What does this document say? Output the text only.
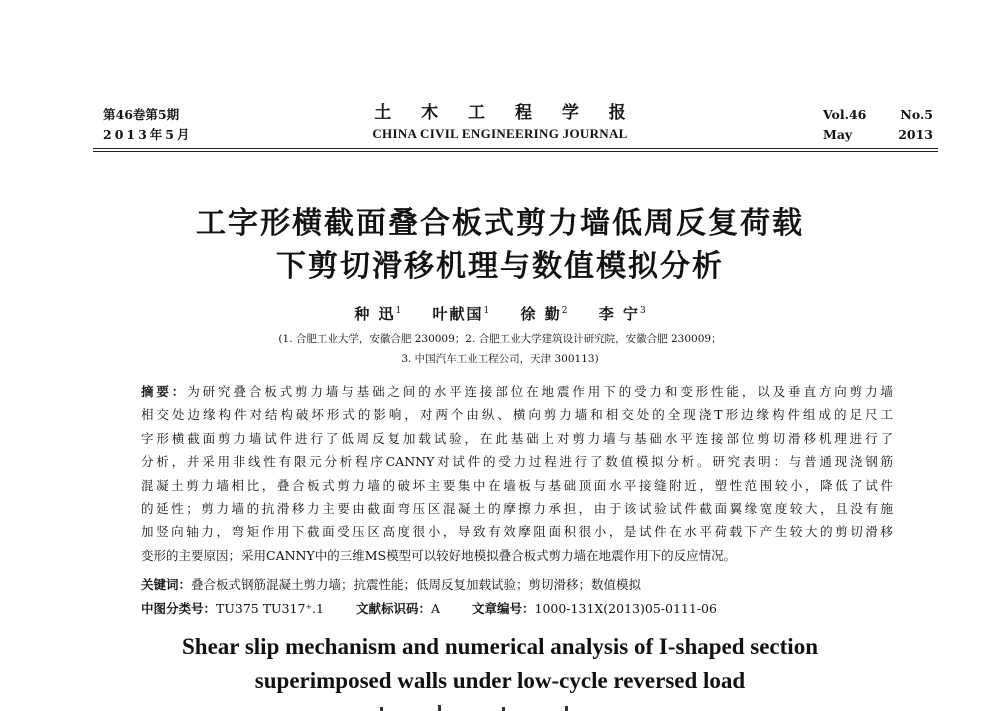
第46卷第5期
2013年5月
土 木 工 程 学 报
CHINA CIVIL ENGINEERING JOURNAL
Vol.46	No.5
May	2013
工字形横截面叠合板式剪力墙低周反复荷载
下剪切滑移机理与数值模拟分析
种 迅$^1$ 叶献国$^1$ 徐 勤$^2$ 李 宁$^3$
(1. 合肥工业大学，安徽合肥 230009；2. 合肥工业大学建筑设计研究院，安徽合肥 230009；
3. 中国汽车工业工程公司，天津 300113)

摘要：为研究叠合板式剪力墙与基础之间的水平连接部位在地震作用下的受力和变形性能，以及垂直方向剪力墙

相交处边缘构件对结构破坏形式的影响，对两个由纵、横向剪力墙和相交处的全现浇T形边缘构件组成的足尺工

字形横截面剪力墙试件进行了低周反复加载试验，在此基础上对剪力墙与基础水平连接部位剪切滑移机理进行了

分析，并采用非线性有限元分析程序CANNY对试件的受力过程进行了数值模拟分析。研究表明：与普通现浇钢筋

混凝土剪力墙相比，叠合板式剪力墙的破坏主要集中在墙板与基础顶面水平接缝附近，塑性范围较小，降低了试件

的延性；剪力墙的抗滑移力主要由截面弯压区混凝土的摩擦力承担，由于该试验试件截面翼缘宽度较大，且没有施

加竖向轴力，弯矩作用下截面受压区高度很小，导致有效摩阻面积很小，是试件在水平荷载下产生较大的剪切滑移

变形的主要原因；采用CANNY中的三维MS模型可以较好地模拟叠合板式剪力墙在地震作用下的反应情况。

关键词：叠合板式钢筋混凝土剪力墙；抗震性能；低周反复加载试验；剪切滑移；数值模拟
中图分类号：TU375 TU317⁺.1	文献标识码：A	文章编号：1000-131X(2013)05-0111-06
Shear slip mechanism and numerical analysis of I-shaped section
superimposed walls under low-cycle reversed load
